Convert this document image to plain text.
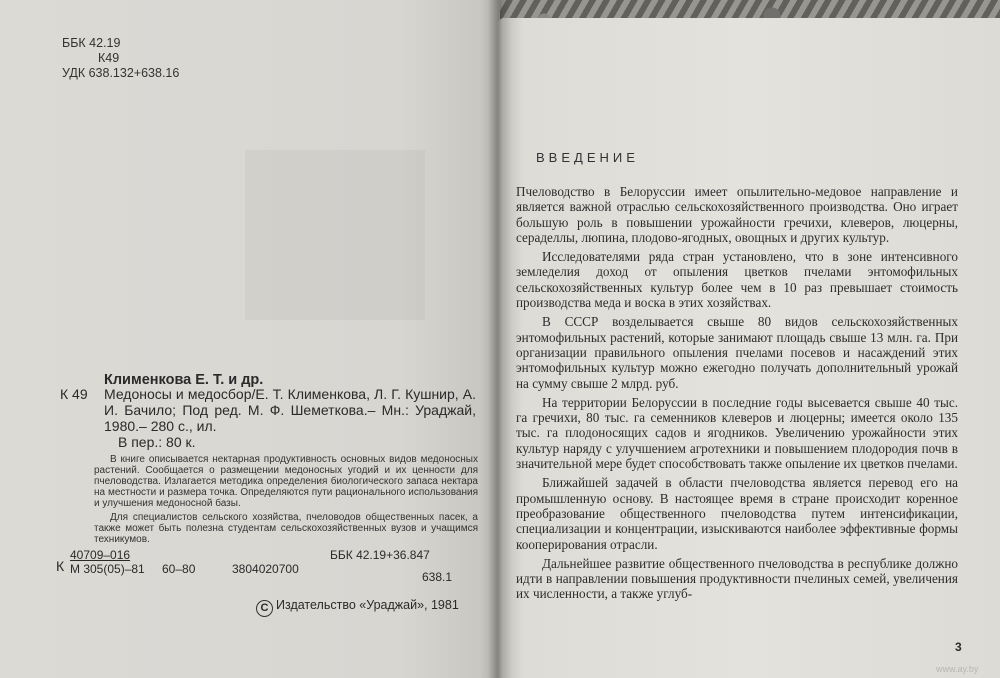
ББК 42.19
К49
УДК 638.132+638.16
Клименкова Е. Т. и др.
К 49 Медоносы и медосбор/Е. Т. Клименкова, Л. Г. Кушнир, А. И. Бачило; Под ред. М. Ф. Шеметкова.– Мн.: Ураджай, 1980.– 280 с., ил.
В пер.: 80 к.

В книге описывается нектарная продуктивность основных видов медоносных растений. Сообщается о размещении медоносных угодий и их ценности для пчеловодства. Излагается методика определения биологического запаса нектара на местности и размера точка. Определяются пути рационального использования и улучшения медоносной базы.

Для специалистов сельского хозяйства, пчеловодов общественных пасек, а также может быть полезна студентам сельскохозяйственных вузов и учащимся техникумов.

К
40709–016
М 305(05)–81 60–80	3804020700
ББК 42.19+36.847
638.1
C Издательство «Ураджай», 1981
ВВЕДЕНИЕ

Пчеловодство в Белоруссии имеет опылительно-медовое направление и является важной отраслью сельскохозяйственного производства. Оно играет большую роль в повышении урожайности гречихи, клеверов, люцерны, сераделлы, люпина, плодово-ягодных, овощных и других культур.

Исследователями ряда стран установлено, что в зоне интенсивного земледелия доход от опыления цветков пчелами энтомофильных сельскохозяйственных культур более чем в 10 раз превышает стоимость производства меда и воска в этих хозяйствах.

В СССР возделывается свыше 80 видов сельскохозяйственных энтомофильных растений, которые занимают площадь свыше 13 млн. га. При организации правильного опыления пчелами посевов и насаждений этих энтомофильных культур можно ежегодно получать дополнительный урожай на сумму свыше 2 млрд. руб.

На территории Белоруссии в последние годы высевается свыше 40 тыс. га гречихи, 80 тыс. га семенников клеверов и люцерны; имеется около 135 тыс. га плодоносящих садов и ягодников. Увеличению урожайности этих культур наряду с улучшением агротехники и повышением плодородия почв в значительной мере будет способствовать также опыление их цветков пчелами.

Ближайшей задачей в области пчеловодства является перевод его на промышленную основу. В настоящее время в стране происходит коренное преобразование общественного пчеловодства путем интенсификации, специализации и концентрации, изыскиваются наиболее эффективные формы кооперирования отрасли.

Дальнейшее развитие общественного пчеловодства в республике должно идти в направлении повышения продуктивности пчелиных семей, увеличения их численности, а также углуб-

3
www.ay.by
